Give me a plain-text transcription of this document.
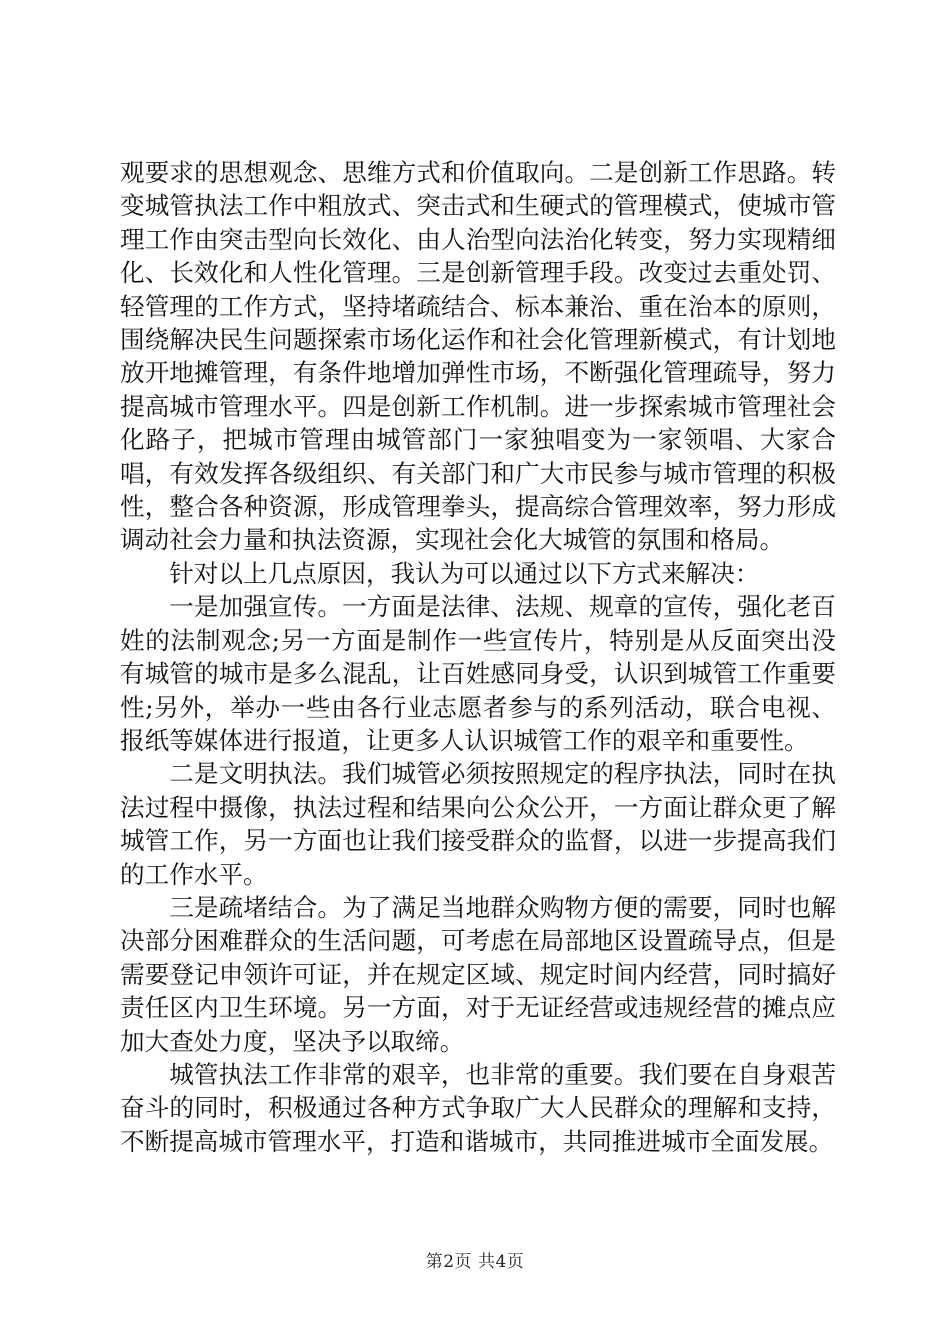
观要求的思想观念、思维方式和价值取向。二是创新工作思路。转变城管执法工作中粗放式、突击式和生硬式的管理模式，使城市管理工作由突击型向长效化、由人治型向法治化转变，努力实现精细化、长效化和人性化管理。三是创新管理手段。改变过去重处罚、轻管理的工作方式，坚持堵疏结合、标本兼治、重在治本的原则，围绕解决民生问题探索市场化运作和社会化管理新模式，有计划地放开地摊管理，有条件地增加弹性市场，不断强化管理疏导，努力提高城市管理水平。四是创新工作机制。进一步探索城市管理社会化路子，把城市管理由城管部门一家独唱变为一家领唱、大家合唱，有效发挥各级组织、有关部门和广大市民参与城市管理的积极性，整合各种资源，形成管理拳头，提高综合管理效率，努力形成调动社会力量和执法资源，实现社会化大城管的氛围和格局。

针对以上几点原因，我认为可以通过以下方式来解决：

一是加强宣传。一方面是法律、法规、规章的宣传，强化老百姓的法制观念;另一方面是制作一些宣传片，特别是从反面突出没有城管的城市是多么混乱，让百姓感同身受，认识到城管工作重要性;另外，举办一些由各行业志愿者参与的系列活动，联合电视、报纸等媒体进行报道，让更多人认识城管工作的艰辛和重要性。

二是文明执法。我们城管必须按照规定的程序执法，同时在执法过程中摄像，执法过程和结果向公众公开，一方面让群众更了解城管工作，另一方面也让我们接受群众的监督，以进一步提高我们的工作水平。

三是疏堵结合。为了满足当地群众购物方便的需要，同时也解决部分困难群众的生活问题，可考虑在局部地区设置疏导点，但是需要登记申领许可证，并在规定区域、规定时间内经营，同时搞好责任区内卫生环境。另一方面，对于无证经营或违规经营的摊点应加大查处力度，坚决予以取缔。

城管执法工作非常的艰辛，也非常的重要。我们要在自身艰苦奋斗的同时，积极通过各种方式争取广大人民群众的理解和支持，不断提高城市管理水平，打造和谐城市，共同推进城市全面发展。

第2页 共4页
